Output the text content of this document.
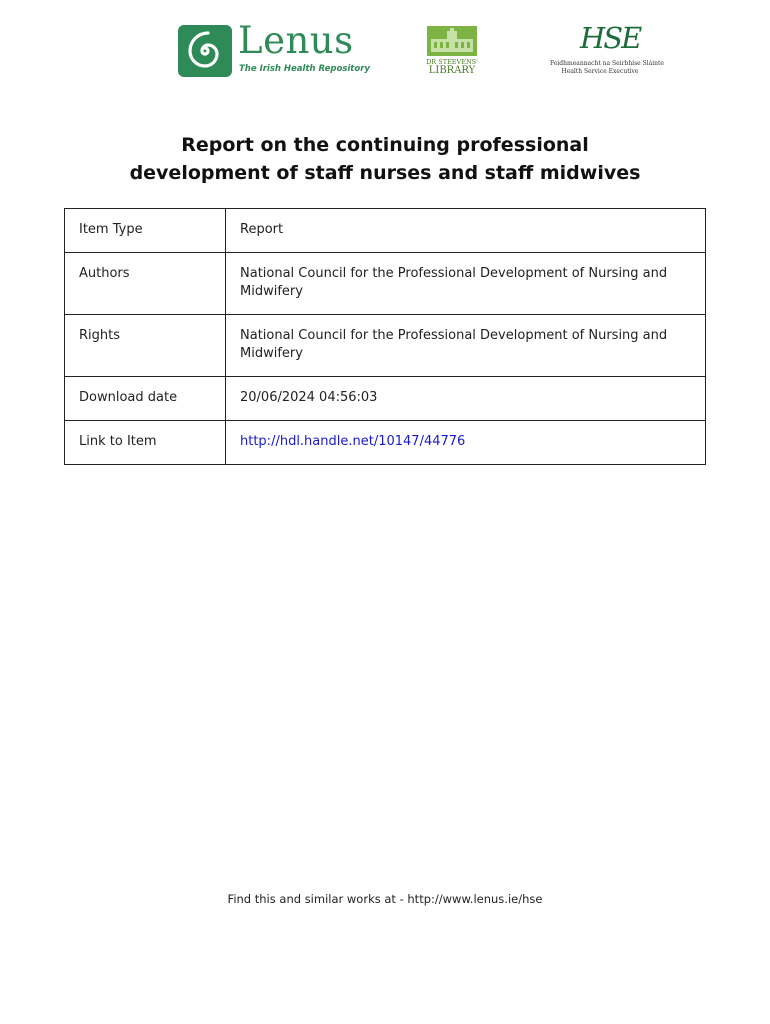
Lenus
The Irish Health Repository
DR STEEVENS'
LIBRARY
HSE
Feidhmeannacht na Seirbhíse Sláinte
Health Service Executive
Report on the continuing professional
development of staff nurses and staff midwives
Item Type	Report
Authors	National Council for the Professional Development of Nursing and Midwifery
Rights	National Council for the Professional Development of Nursing and Midwifery
Download date	20/06/2024 04:56:03
Link to Item	http://hdl.handle.net/10147/44776
Find this and similar works at - http://www.lenus.ie/hse
